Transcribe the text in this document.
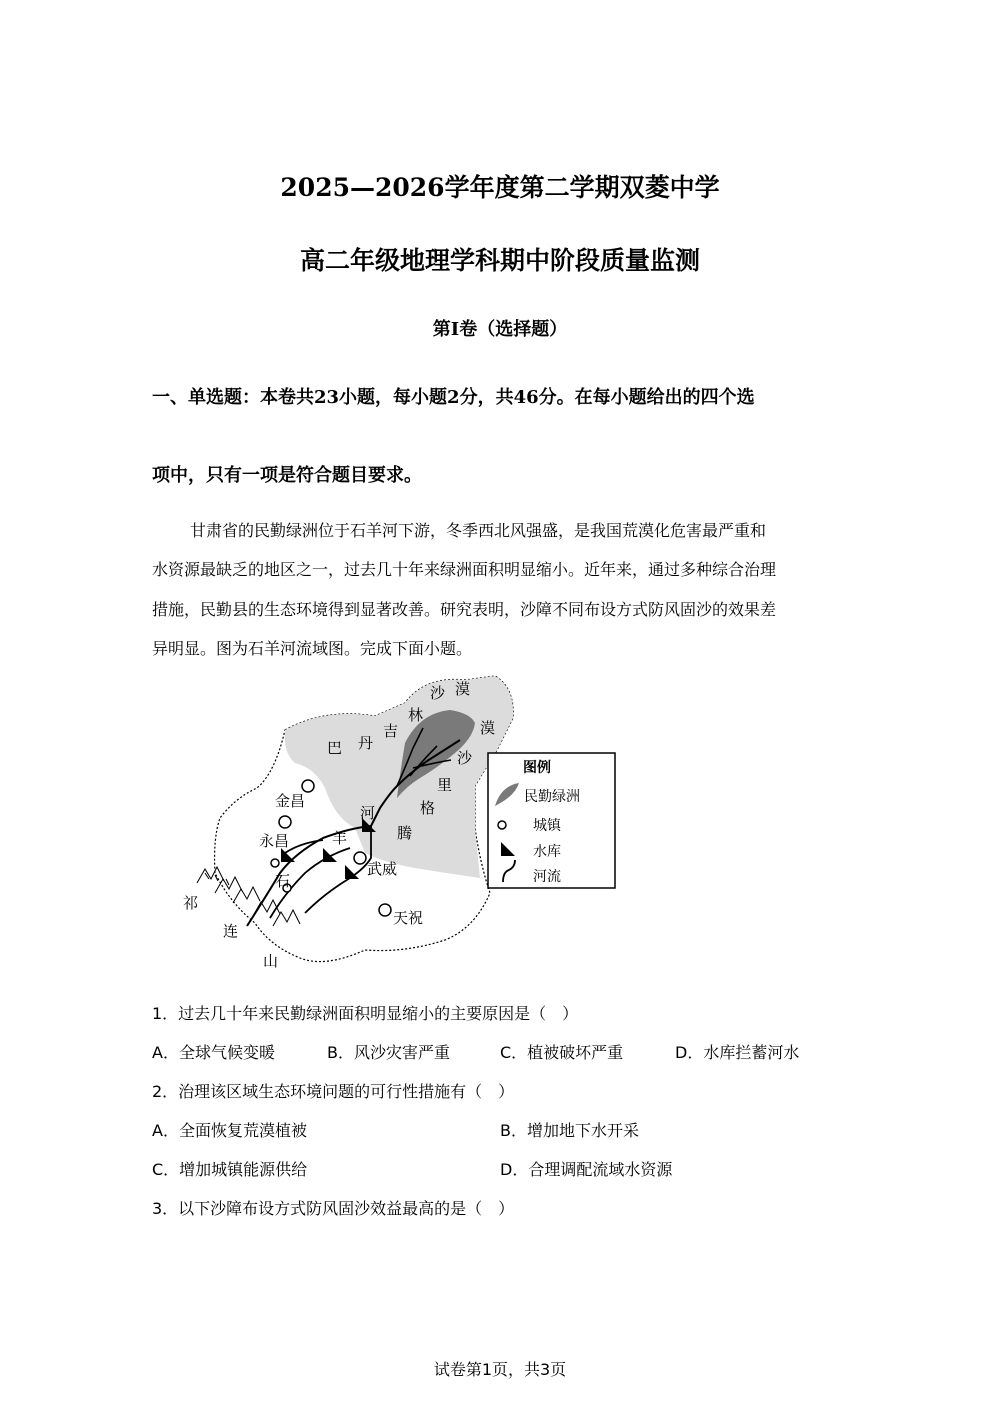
2025—2026学年度第二学期双菱中学
高二年级地理学科期中阶段质量监测
第Ⅰ卷（选择题）
一、单选题：本卷共23小题，每小题2分，共46分。在每小题给出的四个选
项中，只有一项是符合题目要求。
甘肃省的民勤绿洲位于石羊河下游，冬季西北风强盛，是我国荒漠化危害最严重和
水资源最缺乏的地区之一，过去几十年来绿洲面积明显缩小。近年来，通过多种综合治理
措施，民勤县的生态环境得到显著改善。研究表明，沙障不同布设方式防风固沙的效果差
异明显。图为石羊河流域图。完成下面小题。
沙 漠
漠
沙
巴 丹
吉
林
腾
格
里
河
羊
石
祁
连
山
金昌
永昌
武威
天祝
图例
民勤绿洲
城镇
水库
河流
1．过去几十年来民勤绿洲面积明显缩小的主要原因是（　）
A．全球气候变暖	B．风沙灾害严重	C．植被破坏严重	D．水库拦蓄河水
2．治理该区域生态环境问题的可行性措施有（　）
A．全面恢复荒漠植被	B．增加地下水开采
C．增加城镇能源供给	D．合理调配流域水资源
3．以下沙障布设方式防风固沙效益最高的是（　）
试卷第1页，共3页
